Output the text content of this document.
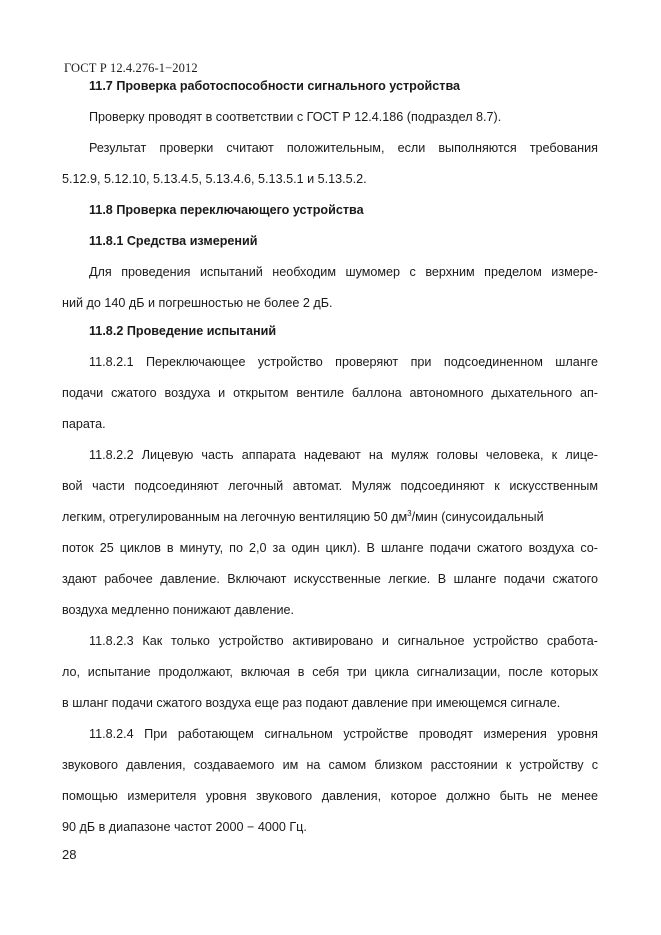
ГОСТ Р 12.4.276-1−2012
11.7 Проверка работоспособности сигнального устройства
Проверку проводят в соответствии с ГОСТ Р 12.4.186 (подраздел 8.7).
Результат проверки считают положительным, если выполняются требования
5.12.9, 5.12.10, 5.13.4.5, 5.13.4.6, 5.13.5.1 и 5.13.5.2.
11.8 Проверка переключающего устройства
11.8.1 Средства измерений
Для проведения испытаний необходим шумомер с верхним пределом измере-
ний до 140 дБ и погрешностью не более 2 дБ.
11.8.2 Проведение испытаний
11.8.2.1 Переключающее устройство проверяют при подсоединенном шланге
подачи сжатого воздуха и открытом вентиле баллона автономного дыхательного ап-
парата.
11.8.2.2 Лицевую часть аппарата надевают на муляж головы человека, к лице-
вой части подсоединяют легочный автомат. Муляж подсоединяют к искусственным
легким, отрегулированным на легочную вентиляцию 50 $дм^3$/мин (синусоидальный
поток 25 циклов в минуту, по 2,0 за один цикл). В шланге подачи сжатого воздуха со-
здают рабочее давление. Включают искусственные легкие. В шланге подачи сжатого
воздуха медленно понижают давление.
11.8.2.3 Как только устройство активировано и сигнальное устройство сработа-
ло, испытание продолжают, включая в себя три цикла сигнализации, после которых
в шланг подачи сжатого воздуха еще раз подают давление при имеющемся сигнале.
11.8.2.4 При работающем сигнальном устройстве проводят измерения уровня
звукового давления, создаваемого им на самом близком расстоянии к устройству с
помощью измерителя уровня звукового давления, которое должно быть не менее
90 дБ в диапазоне частот 2000 − 4000 Гц.
28
